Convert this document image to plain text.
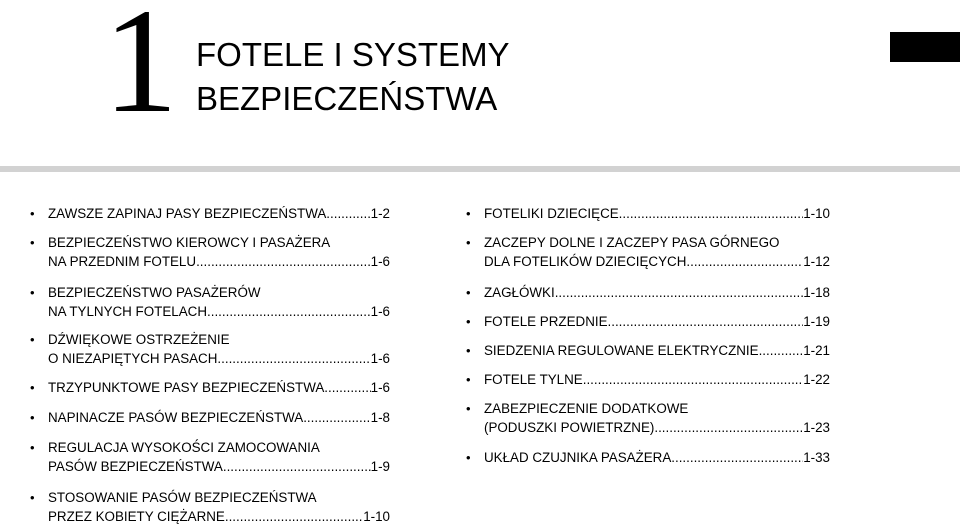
1 FOTELE I SYSTEMY
BEZPIECZEŃSTWA
• ZAWSZE ZAPINAJ PASY BEZPIECZEŃSTWA .....	1-2
• BEZPIECZEŃSTWO KIEROWCY I PASAŻERA
NA PRZEDNIM FOTELU .....	1-6
• BEZPIECZEŃSTWO PASAŻERÓW
NA TYLNYCH FOTELACH .....	1-6
• DŹWIĘKOWE OSTRZEŻENIE
O NIEZAPIĘTYCH PASACH .....	1-6
• TRZYPUNKTOWE PASY BEZPIECZEŃSTWA .....	1-6
• NAPINACZE PASÓW BEZPIECZEŃSTWA .....	1-8
• REGULACJA WYSOKOŚCI ZAMOCOWANIA
PASÓW BEZPIECZEŃSTWA .....	1-9
• STOSOWANIE PASÓW BEZPIECZEŃSTWA
PRZEZ KOBIETY CIĘŻARNE .....	1-10
• FOTELIKI DZIECIĘCE .....	1-10
• ZACZEPY DOLNE I ZACZEPY PASA GÓRNEGO
DLA FOTELIKÓW DZIECIĘCYCH .....	1-12
• ZAGŁÓWKI .....	1-18
• FOTELE PRZEDNIE .....	1-19
• SIEDZENIA REGULOWANE ELEKTRYCZNIE .....	1-21
• FOTELE TYLNE .....	1-22
• ZABEZPIECZENIE DODATKOWE
(PODUSZKI POWIETRZNE) .....	1-23
• UKŁAD CZUJNIKA PASAŻERA .....	1-33
